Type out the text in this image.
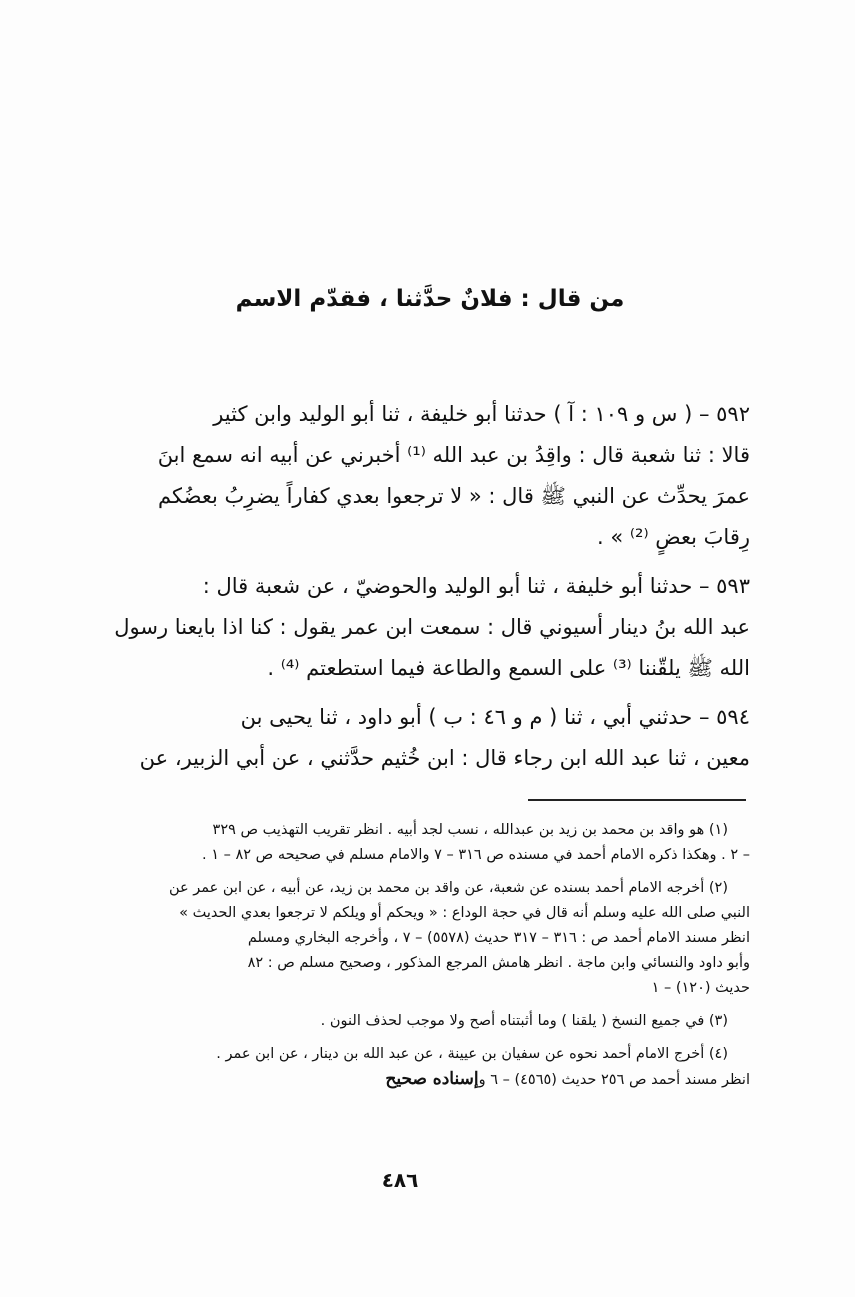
من قال : فلانٌ حدَّثنا ، فقدّم الاسم
٥٩٢ – ( س و ١٠٩ : آ ) حدثنا أبو خليفة ، ثنا أبو الوليد وابن كثير
قالا : ثنا شعبة قال : واقِدُ بن عبد الله ⁽¹⁾ أخبرني عن أبيه انه سمع ابنَ
عمرَ يحدِّث عن النبي ﷺ قال : « لا ترجعوا بعدي كفاراً يضرِبُ بعضُكم
رِقابَ بعضٍ ⁽²⁾ » .
٥٩٣ – حدثنا أبو خليفة ، ثنا أبو الوليد والحوضيّ ، عن شعبة قال :
عبد الله بنُ دينار أسيوني قال : سمعت ابن عمر يقول : كنا اذا بايعنا رسول
الله ﷺ يلقّننا ⁽³⁾ على السمع والطاعة فيما استطعتم ⁽⁴⁾ .
٥٩٤ – حدثني أبي ، ثنا ( م و ٤٦ : ب ) أبو داود ، ثنا يحيى بن
معين ، ثنا عبد الله ابن رجاء قال : ابن خُثيم حدَّثني ، عن أبي الزبير، عن
(١) هو واقد بن محمد بن زيد بن عبدالله ، نسب لجد أبيه . انظر تقريب التهذيب ص ٣٢٩
– ٢ . وهكذا ذكره الامام أحمد في مسنده ص ٣١٦ – ٧ والامام مسلم في صحيحه ص ٨٢ – ١ .
(٢) أخرجه الامام أحمد بسنده عن شعبة، عن واقد بن محمد بن زيد، عن أبيه ، عن ابن عمر عن
النبي صلى الله عليه وسلم أنه قال في حجة الوداع : « ويحكم أو ويلكم لا ترجعوا بعدي الحديث »
انظر مسند الامام أحمد ص : ٣١٦ – ٣١٧ حديث (٥٥٧٨) – ٧ ، وأخرجه البخاري ومسلم
وأبو داود والنسائي وابن ماجة . انظر هامش المرجع المذكور ، وصحيح مسلم ص : ٨٢
حديث (١٢٠) – ١
(٣) في جميع النسخ ( يلقنا ) وما أثبتناه أصح ولا موجب لحذف النون .
(٤) أخرج الامام أحمد نحوه عن سفيان بن عيينة ، عن عبد الله بن دينار ، عن ابن عمر .
انظر مسند أحمد ص ٢٥٦ حديث (٤٥٦٥) – ٦ وإسناده صحيح
٤٨٦
